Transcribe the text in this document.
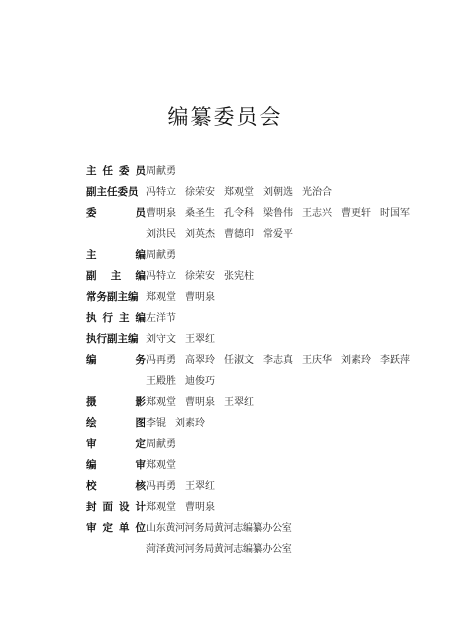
编纂委员会
主 任 委 员 周献勇
副 主 任 委 员 冯特立 徐荣安 郑观堂 刘朝选 光治合
委	员 曹明泉 桑圣生 孔令科 梁鲁伟 王志兴 曹更轩 时国军
刘洪民 刘英杰 曹德印 常爱平
主	编 周献勇
副 主 编 冯特立 徐荣安 张宪柱
常 务 副 主 编 郑观堂 曹明泉
执 行 主 编 左洋节
执 行 副 主 编 刘守文 王翠红
编	务 冯再勇 高翠玲 任淑文 李志真 王庆华 刘素玲 李跃萍
王殿胜 迪俊巧
摄	影 郑观堂 曹明泉 王翠红
绘	图 李锟 刘素玲
审	定 周献勇
编	审 郑观堂
校	核 冯再勇 王翠红
封 面 设 计 郑观堂 曹明泉
审 定 单 位 山东黄河河务局黄河志编纂办公室
菏泽黄河河务局黄河志编纂办公室
